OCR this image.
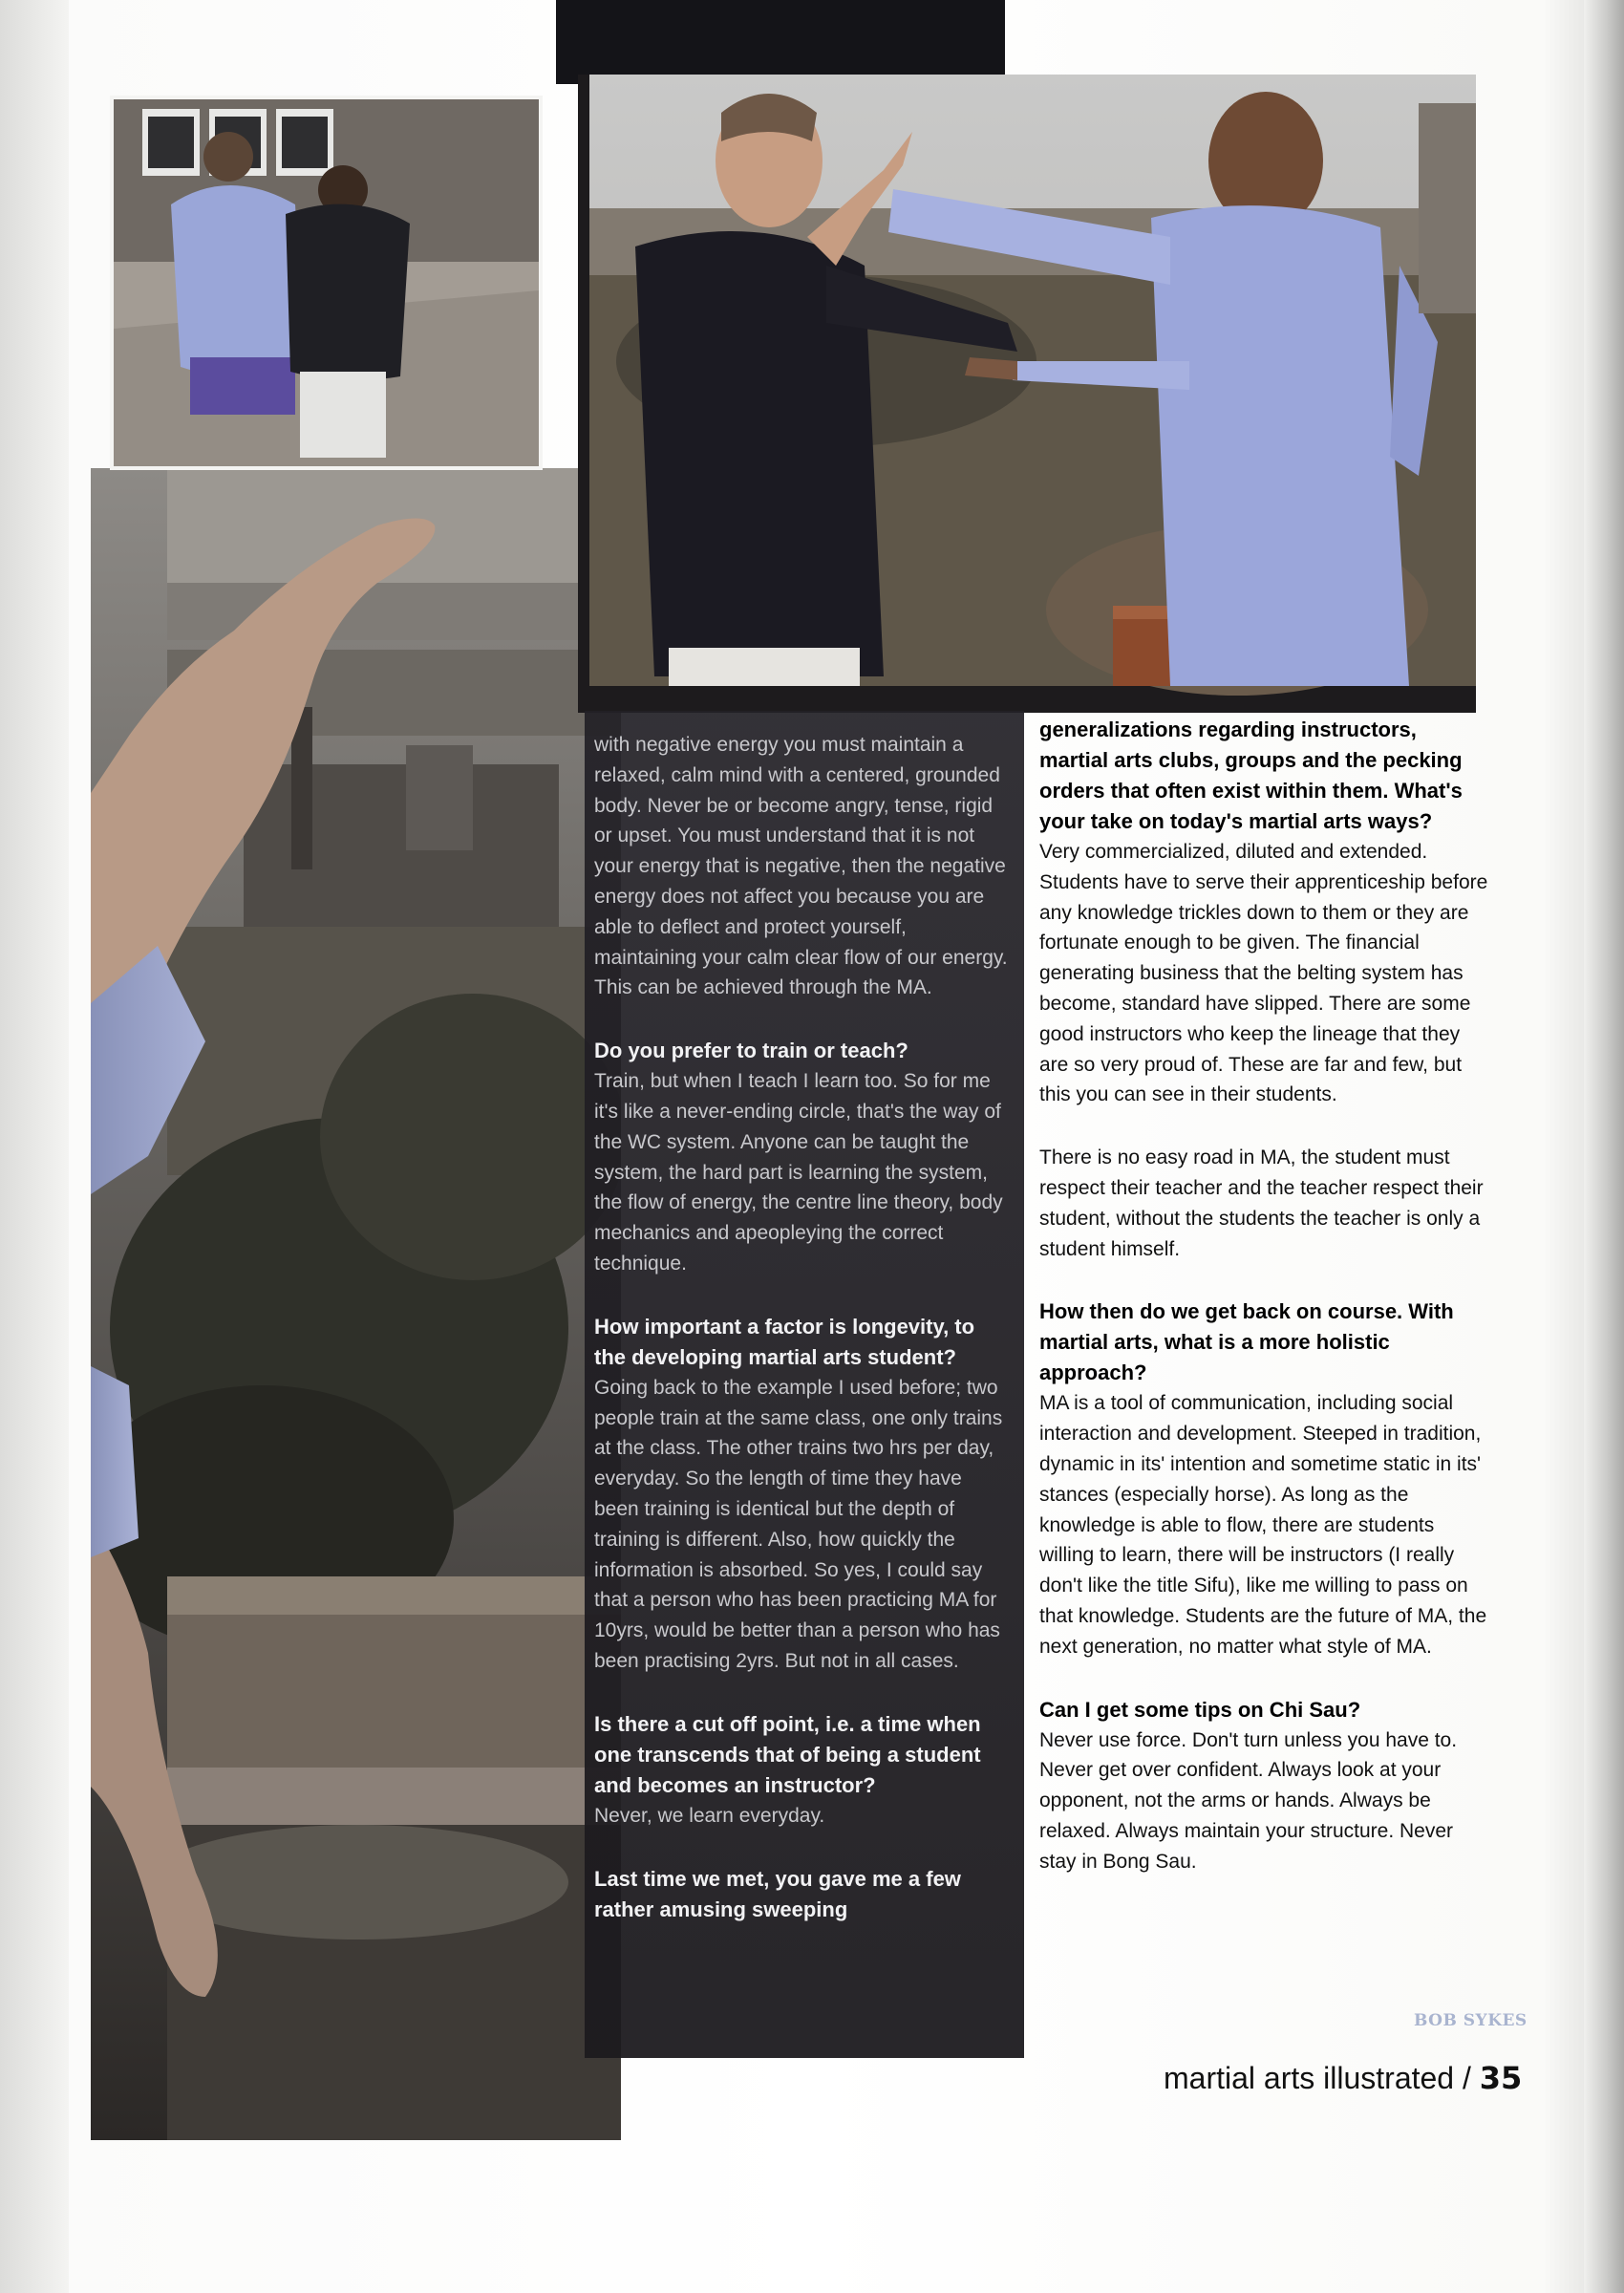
with negative energy you must maintain a relaxed, calm mind with a centered, grounded body. Never be or become angry, tense, rigid or upset. You must understand that it is not your energy that is negative, then the negative energy does not affect you because you are able to deflect and protect yourself, maintaining your calm clear flow of our energy. This can be achieved through the MA.

Do you prefer to train or teach?

Train, but when I teach I learn too. So for me it's like a never-ending circle, that's the way of the WC system. Anyone can be taught the system, the hard part is learning the system, the flow of energy, the centre line theory, body mechanics and apeopleying the correct technique.

How important a factor is longevity, to the developing martial arts student?

Going back to the example I used before; two people train at the same class, one only trains at the class. The other trains two hrs per day, everyday. So the length of time they have been training is identical but the depth of training is different. Also, how quickly the information is absorbed. So yes, I could say that a person who has been practicing MA for 10yrs, would be better than a person who has been practising 2yrs. But not in all cases.

Is there a cut off point, i.e. a time when one transcends that of being a student and becomes an instructor?

Never, we learn everyday.

Last time we met, you gave me a few rather amusing sweeping

generalizations regarding instructors, martial arts clubs, groups and the pecking orders that often exist within them. What's your take on today's martial arts ways?

Very commercialized, diluted and extended. Students have to serve their apprenticeship before any knowledge trickles down to them or they are fortunate enough to be given. The financial generating business that the belting system has become, standard have slipped. There are some good instructors who keep the lineage that they are so very proud of. These are far and few, but this you can see in their students.

There is no easy road in MA, the student must respect their teacher and the teacher respect their student, without the students the teacher is only a student himself.

How then do we get back on course. With martial arts, what is a more holistic approach?

MA is a tool of communication, including social interaction and development. Steeped in tradition, dynamic in its' intention and sometime static in its' stances (especially horse). As long as the knowledge is able to flow, there are students willing to learn, there will be instructors (I really don't like the title Sifu), like me willing to pass on that knowledge. Students are the future of MA, the next generation, no matter what style of MA.

Can I get some tips on Chi Sau?

Never use force. Don't turn unless you have to. Never get over confident. Always look at your opponent, not the arms or hands. Always be relaxed. Always maintain your structure. Never stay in Bong Sau.

BOB SYKES
martial arts illustrated / 35
